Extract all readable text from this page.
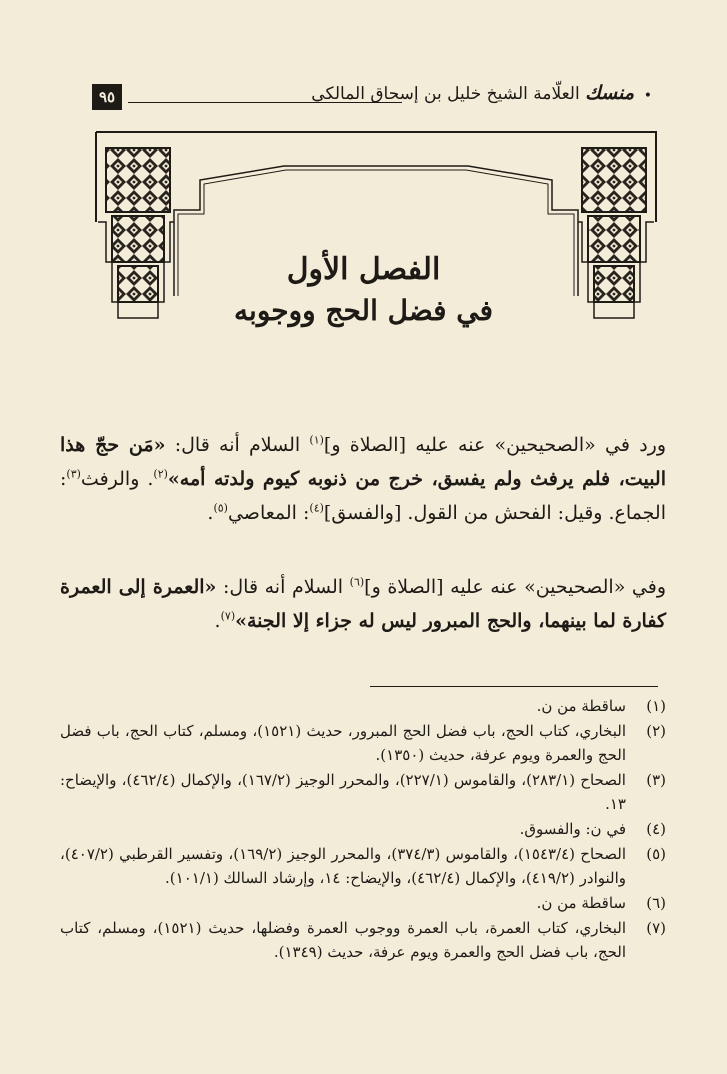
•
منسك العلّامة الشيخ خليل بن إسحاق المالكي
٩٥
الفصل الأول
في فضل الحج ووجوبه
ورد في «الصحيحين» عنه عليه [الصلاة و]$^{(١)}$ السلام أنه قال: «مَن حجّ هذا البيت، فلم يرفث ولم يفسق، خرج من ذنوبه كيوم ولدته أمه»$^{(٢)}$. والرفث$^{(٣)}$: الجماع. وقيل: الفحش من القول. [والفسق]$^{(٤)}$: المعاصي$^{(٥)}$.
وفي «الصحيحين» عنه عليه [الصلاة و]$^{(٦)}$ السلام أنه قال: «العمرة إلى العمرة كفارة لما بينهما، والحج المبرور ليس له جزاء إلا الجنة»$^{(٧)}$.
(١)
ساقطة من ن.
(٢)
البخاري، كتاب الحج، باب فضل الحج المبرور، حديث (١٥٢١)، ومسلم، كتاب الحج، باب فضل الحج والعمرة ويوم عرفة، حديث (١٣٥٠).
(٣)
الصحاح (٢٨٣/١)، والقاموس (٢٢٧/١)، والمحرر الوجيز (١٦٧/٢)، والإكمال (٤٦٢/٤)، والإيضاح: ١٣.
(٤)
في ن: والفسوق.
(٥)
الصحاح (١٥٤٣/٤)، والقاموس (٣٧٤/٣)، والمحرر الوجيز (١٦٩/٢)، وتفسير القرطبي (٤٠٧/٢)، والنوادر (٤١٩/٢)، والإكمال (٤٦٢/٤)، والإيضاح: ١٤، وإرشاد السالك (١٠١/١).
(٦)
ساقطة من ن.
(٧)
البخاري، كتاب العمرة، باب العمرة ووجوب العمرة وفضلها، حديث (١٥٢١)، ومسلم، كتاب الحج، باب فضل الحج والعمرة ويوم عرفة، حديث (١٣٤٩).
